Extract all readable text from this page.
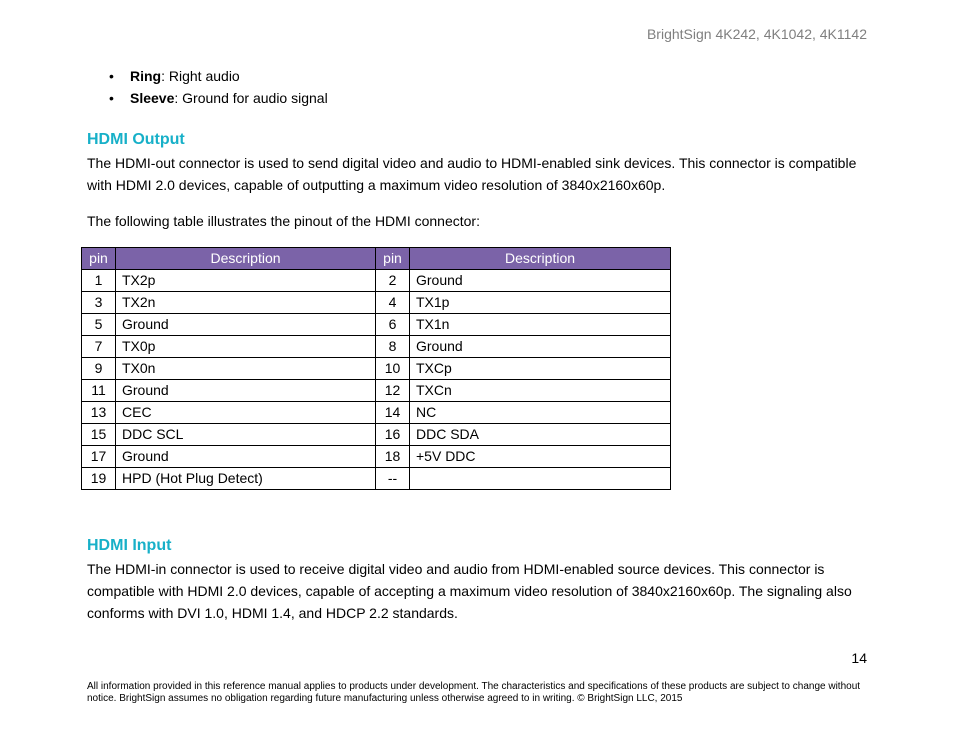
BrightSign 4K242, 4K1042, 4K1142
• Ring: Right audio
• Sleeve: Ground for audio signal
HDMI Output

The HDMI-out connector is used to send digital video and audio to HDMI-enabled sink devices. This connector is compatible with HDMI 2.0 devices, capable of outputting a maximum video resolution of 3840x2160x60p.

The following table illustrates the pinout of the HDMI connector:

pin	Description	pin	Description
1	TX2p	2	Ground
3	TX2n	4	TX1p
5	Ground	6	TX1n
7	TX0p	8	Ground
9	TX0n	10	TXCp
11	Ground	12	TXCn
13	CEC	14	NC
15	DDC SCL	16	DDC SDA
17	Ground	18	+5V DDC
19	HPD (Hot Plug Detect)	--	
HDMI Input

The HDMI-in connector is used to receive digital video and audio from HDMI-enabled source devices. This connector is compatible with HDMI 2.0 devices, capable of accepting a maximum video resolution of 3840x2160x60p. The signaling also conforms with DVI 1.0, HDMI 1.4, and HDCP 2.2 standards.

14

All information provided in this reference manual applies to products under development. The characteristics and specifications of these products are subject to change without notice. BrightSign assumes no obligation regarding future manufacturing unless otherwise agreed to in writing. © BrightSign LLC, 2015
